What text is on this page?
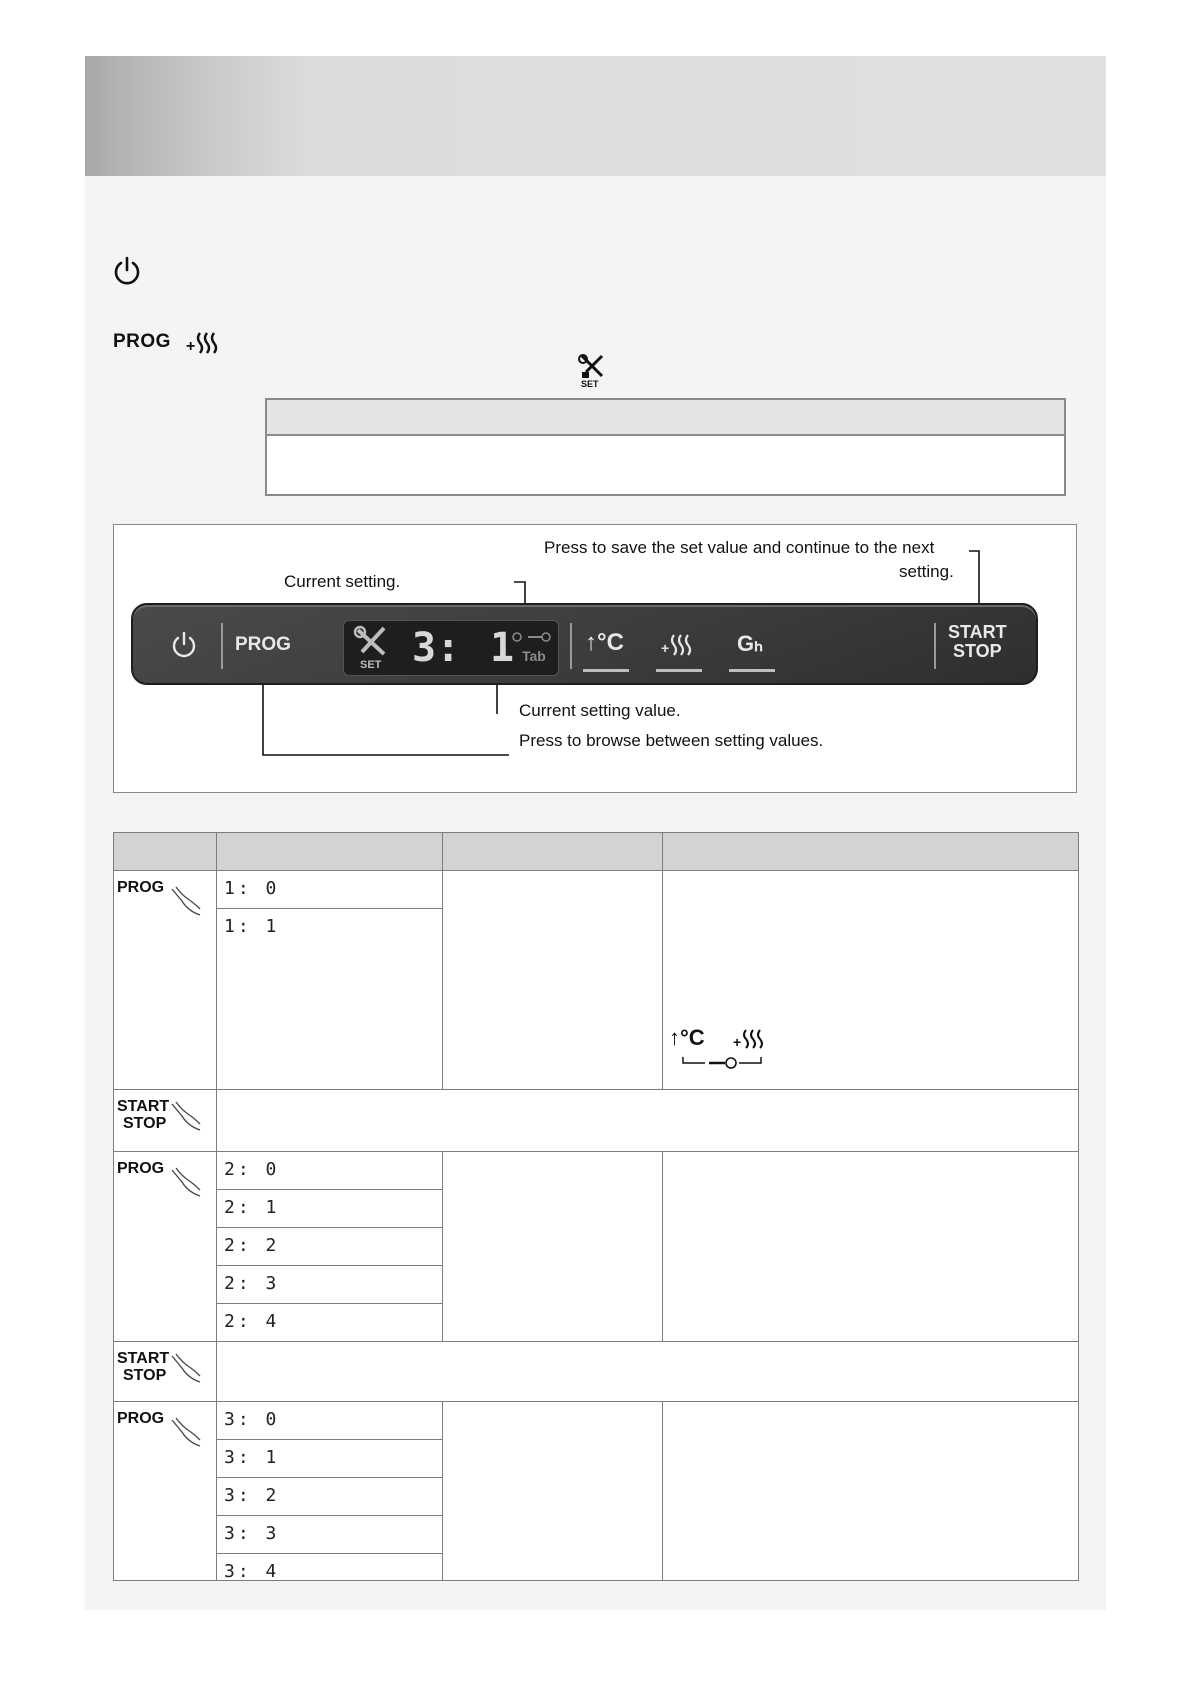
PROG +
SET
Press to save the set value and continue to the next
setting.
Current setting.
Current setting value.
Press to browse between setting values.
PROG
SET 3: 1 Tab ↑°C	+	Gₕ	START
STOP

PROG	1: 0		↑°C +

	1: 1		

START
STOP			

PROG	2: 0		

	2: 1		

	2: 2		

	2: 3		

	2: 4		

START
STOP			

PROG	3: 0		

	3: 1		

	3: 2		

	3: 3		

	3: 4		
